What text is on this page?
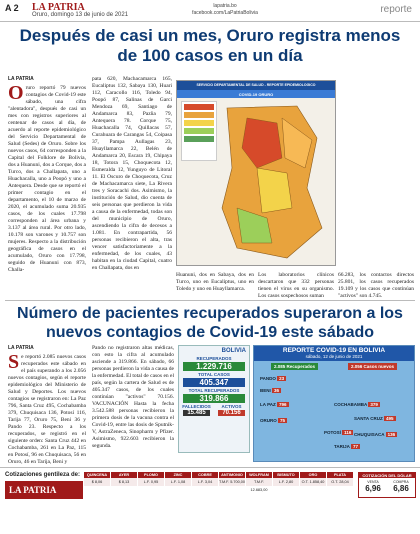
A 2 LA PATRIA
Oruro, domingo 13 de junio de 2021
lapatria.bo
facebook.com/LaPatriaBolivia	reporte
Después de casi un mes, Oruro registra menos de 100 casos en un día
LA PATRIA
O ruro reportó 79 nuevos contagios de Covid-19 este sábado, una cifra "alentadora", después de casi un mes con registros superiores al centenar de casos al día, de acuerdo al reporte epidemiológico del Servicio Departamental de Salud (Sedes) de Oruro. Sobre los nuevos casos, 64 corresponden a la Capital del Folklore de Bolivia, dos a Huanuni, dos a Corque, dos a Turco, dos a Challapata, uno a Huachacalla, uno a Poopó y uno a Antequera. Desde que se reportó el primer contagio en el departamento, el 10 de marzo de 2020, el acumulado suma 20.935 casos, de los cuales 17.798 corresponden al área urbana y 3.137 al área rural. Por otro lado, 10.178 son varones y 10.757 son mujeres. Respecto a la distribución geográfica de casos en el acumulado, Oruro con 17.798, seguido de Huanuni con 873, Challa-
pata 620, Machacamarca 165, Eucaliptus 132, Sabaya 130, Huari 112, Caracollo 116, Toledo 94, Poopó 87, Salinas de Garci Mendoza 69, Santiago de Andamarca 83, Pazña 79, Antequera 78. Corque 75, Huachacalla 74, Quillacas 57, Curahuara de Carangas 54, Coipasa 37, Pampa Aullagas 23, Huayllamarca 22, Belén de Andamarca 20, Escara 19, Chipaya 18, Totora 15, Choquecota 12, Esmeralda 12, Yunguyo de Litoral 11. El Oscuro de Choquecota, Cruz de Machacamarca siete, La Rivera tres y Soracachi dos. Asimismo, la institución de Salud, dio cuenta de seis personas que perdieron la vida a causa de la enfermedad, todas son del municipio de Oruro, ascendiendo la cifra de decesos a 1.081. En contrapartida, 56 personas recibieron el alta, tras vencer satisfactoriamente a la enfermedad, de los cuales, 43 habitan en la ciudad Capital, cuatro en Challapata, dos en
SERVICIO DEPARTAMENTAL DE SALUD - REPORTE EPIDEMIOLOGICO
COVID-19 ORURO
Huanuni, dos en Sabaya, dos en Turco, uno en Eucaliptus, uno en Toledo y uno en Huayllamarca.
Los laboratorios clínicos descartaron que 332 personas tienen el virus en su organismo. Los casos sospechosos suman
66.283, los contactos directos 25.801, los casos recuperados 19.109 y los casos que continúan "activos" son 4.745.
Número de pacientes recuperados superaron a los nuevos contagios de Covid-19 este sábado
LA PATRIA
S e reportó 2.085 nuevos casos recuperados este sábado en el país superando a los 2.056 nuevos contagios, según el reporte epidemiológico del Ministerio de Salud y Deportes. Los nuevos contagios se registraron en: La Paz 796, Santa Cruz 495, Cochabamba 379, Chuquisaca 136, Potosí 116, Tarija 77, Oruro 75, Beni 36 y Pando 23. Respecto a los recuperados, se registró en el siguiente orden: Santa Cruz 442 en Cochabamba, 261 en La Paz, 115 en Potosí, 96 en Chuquisaca, 56 en Oruro, 46 en Tarija, Beni y
Pando no registraron altas médicas, con esto la cifra al acumulado asciende a 319.866. En sábado, 66 personas perdieron la vida a causa de la enfermedad. El total de casos en el país, según la cartera de Salud es de 405.347 casos, de los cuales continúan "activos" 70.156. VACUNACIÓN Hasta la fecha 3.542.588 personas recibieron la primera dosis de la vacuna contra el Covid-19, entre las dosis de Sputnik-V, AstraZeneca, Sinopharm y Pfizer. Asimismo, 922.603 recibieron la segunda.
BOLIVIA
RECUPERADOS
1.229.716
TOTAL CASOS
405.347
TOTAL RECUPERADOS
319.866
FALLECIDOS
15.485
ACTIVOS
70.156
REPORTE COVID-19 EN BOLIVIA
sábado, 12 de junio de 2021
2.085 Recuperados	2.056 Casos nuevos
PANDO 23
BENI 36
LA PAZ 796	COCHABAMBA 379
SANTA CRUZ 495
ORURO 75
POTOSÍ 116 CHUQUISACA 136
TARIJA 77
Cotizaciones gentileza de:
LA PATRIA
QUINCENA
$ 8,06
AYER
$ 8,13
PLOMO
L.F. 0,95
ZINC
L.F. 1,08
COBRE
L.F. 3,04
ANTIMONIO
T.M.F. 5.700,00
WOLFRAM
T.M.F. 12.683,00
BISMUTO
L.F. 2,80
ORO
O.T. 1.858,40
PLATA
O.T. 28,04
COTIZACIÓN DEL DÓLAR
VENTA
6,96
COMPRA
6,86
